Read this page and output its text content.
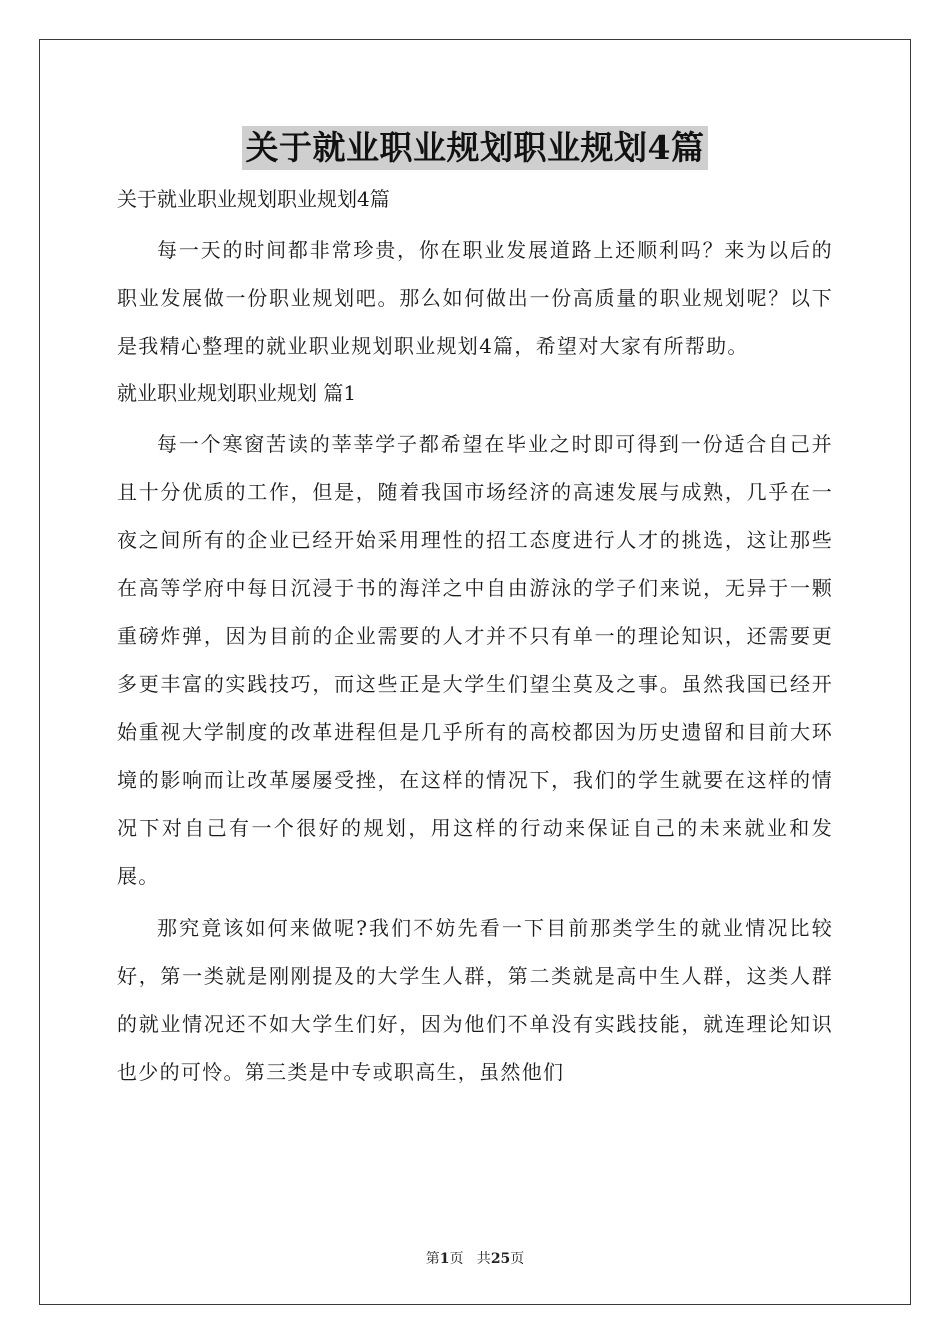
关于就业职业规划职业规划4篇

关于就业职业规划职业规划4篇

每一天的时间都非常珍贵，你在职业发展道路上还顺利吗？来为以后的职业发展做一份职业规划吧。那么如何做出一份高质量的职业规划呢？以下是我精心整理的就业职业规划职业规划4篇，希望对大家有所帮助。

就业职业规划职业规划 篇1

每一个寒窗苦读的莘莘学子都希望在毕业之时即可得到一份适合自己并且十分优质的工作，但是，随着我国市场经济的高速发展与成熟，几乎在一夜之间所有的企业已经开始采用理性的招工态度进行人才的挑选，这让那些在高等学府中每日沉浸于书的海洋之中自由游泳的学子们来说，无异于一颗重磅炸弹，因为目前的企业需要的人才并不只有单一的理论知识，还需要更多更丰富的实践技巧，而这些正是大学生们望尘莫及之事。虽然我国已经开始重视大学制度的改革进程但是几乎所有的高校都因为历史遗留和目前大环境的影响而让改革屡屡受挫，在这样的情况下，我们的学生就要在这样的情况下对自己有一个很好的规划，用这样的行动来保证自己的未来就业和发展。

那究竟该如何来做呢?我们不妨先看一下目前那类学生的就业情况比较好，第一类就是刚刚提及的大学生人群，第二类就是高中生人群，这类人群的就业情况还不如大学生们好，因为他们不单没有实践技能，就连理论知识也少的可怜。第三类是中专或职高生，虽然他们

第1页   共25页
